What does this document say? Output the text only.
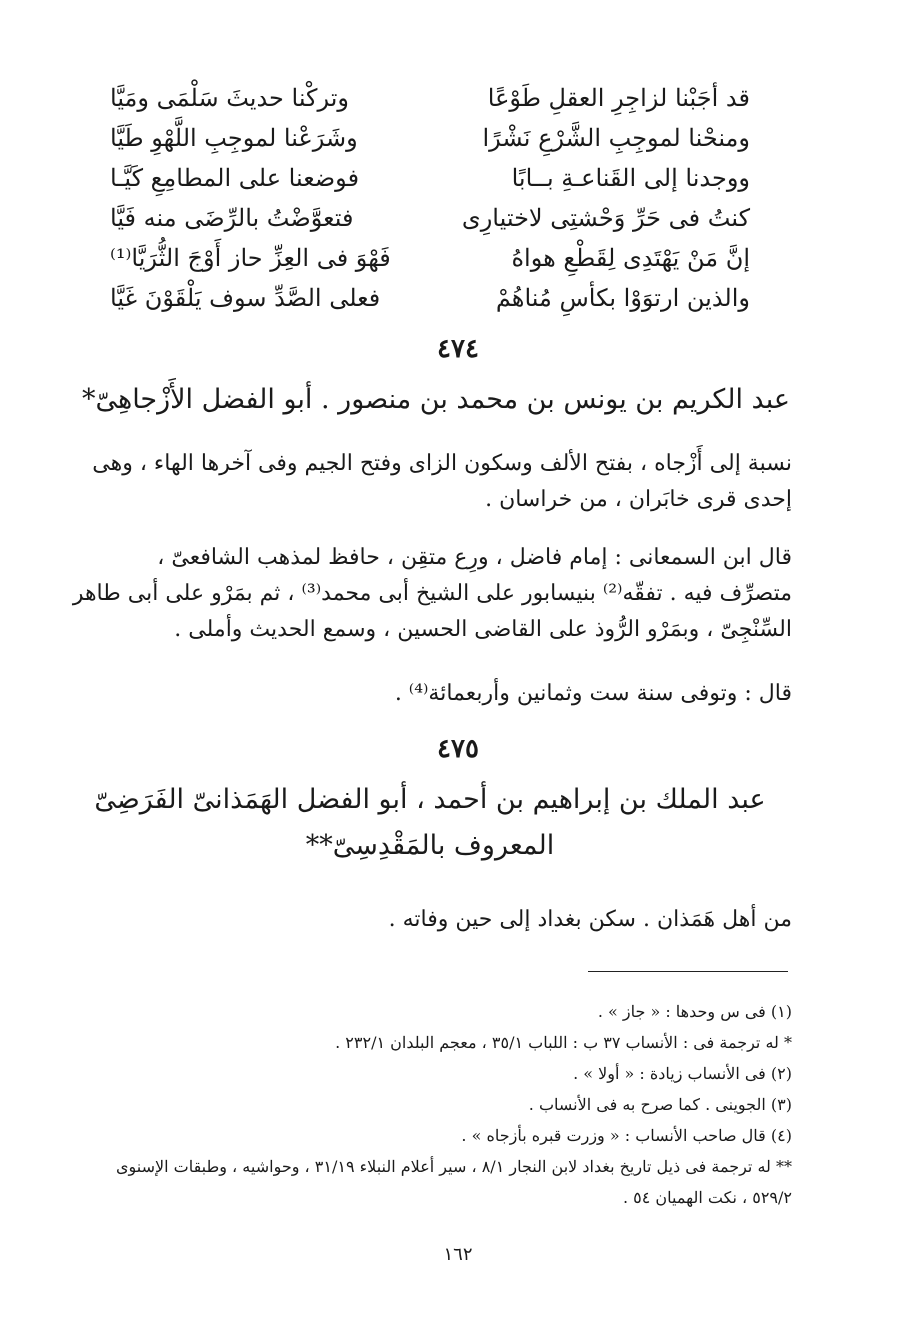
قد أجَبْنا لزاجِرِ العقلِ طَوْعًا
وتركْنا حديثَ سَلْمَى ومَيَّا
ومنحْنا لموجِبِ الشَّرْعِ نَشْرًا
وشَرَعْنا لموجِبِ اللَّهْوِ طَيَّا
ووجدنا إلى القَناعـةِ بــابًا
فوضعنا على المطامِعِ كَيَّـا
كنتُ فى حَرِّ وَحْشتِى لاختيارِى
فتعوَّضْتُ بالرِّضَى منه فَيَّا
إنَّ مَنْ يَهْتَدِى لِقَطْعِ هواهُ
فَهْوَ فى العِزِّ حاز أَوْجَ الثُّرَيَّا⁽¹⁾
والذين ارتوَوْا بكأسِ مُناهُمْ
فعلى الصَّدِّ سوف يَلْقَوْنَ غَيَّا
٤٧٤
عبد الكريم بن يونس بن محمد بن منصور . أبو الفضل الأَزْجاهِىّ*
نسبة إلى أَزْجاه ، بفتح الألف وسكون الزاى وفتح الجيم وفى آخرها الهاء ، وهى
إحدى قرى خابَران ، من خراسان .
قال ابن السمعانى : إمام فاضل ، ورِع متقِن ، حافظ لمذهب الشافعىّ ،
متصرِّف فيه . تفقّه⁽²⁾ بنيسابور على الشيخ أبى محمد⁽³⁾ ، ثم بمَرْو على أبى طاهر
السِّنْجِىّ ، وبمَرْو الرُّوذ على القاضى الحسين ، وسمع الحديث وأملى .
قال : وتوفى سنة ست وثمانين وأربعمائة⁽⁴⁾ .
٤٧٥
عبد الملك بن إبراهيم بن أحمد ، أبو الفضل الهَمَذانىّ الفَرَضِىّ
المعروف بالمَقْدِسِىّ**
من أهل هَمَذان . سكن بغداد إلى حين وفاته .
(١) فى س وحدها : « جاز » .
* له ترجمة فى : الأنساب ٣٧ ب : اللباب ٣٥/١ ، معجم البلدان ٢٣٢/١ .
(٢) فى الأنساب زيادة : « أولا » .
(٣) الجوينى . كما صرح به فى الأنساب .
(٤) قال صاحب الأنساب : « وزرت قبره بأزجاه » .
** له ترجمة فى ذيل تاريخ بغداد لابن النجار ٨/١ ، سير أعلام النبلاء ٣١/١٩ ، وحواشيه ، وطبقات الإسنوى
٥٢٩/٢ ، نكت الهميان ٥٤ .
١٦٢
